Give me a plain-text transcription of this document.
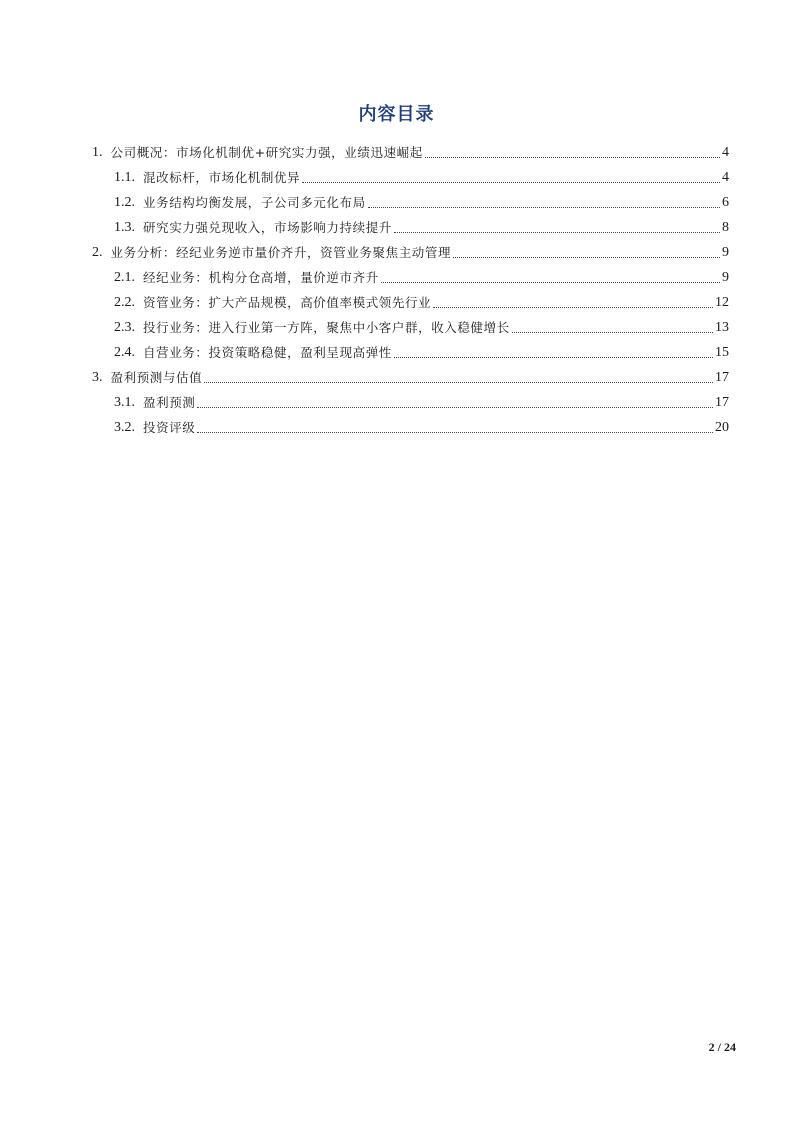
内容目录
1. 公司概况：市场化机制优+研究实力强，业绩迅速崛起	4
1.1. 混改标杆，市场化机制优异	4
1.2. 业务结构均衡发展，子公司多元化布局	6
1.3. 研究实力强兑现收入，市场影响力持续提升	8
2. 业务分析：经纪业务逆市量价齐升，资管业务聚焦主动管理	9
2.1. 经纪业务：机构分仓高增，量价逆市齐升	9
2.2. 资管业务：扩大产品规模，高价值率模式领先行业	12
2.3. 投行业务：进入行业第一方阵，聚焦中小客户群，收入稳健增长	13
2.4. 自营业务：投资策略稳健，盈利呈现高弹性	15
3. 盈利预测与估值	17
3.1. 盈利预测	17
3.2. 投资评级	20
2 / 24
